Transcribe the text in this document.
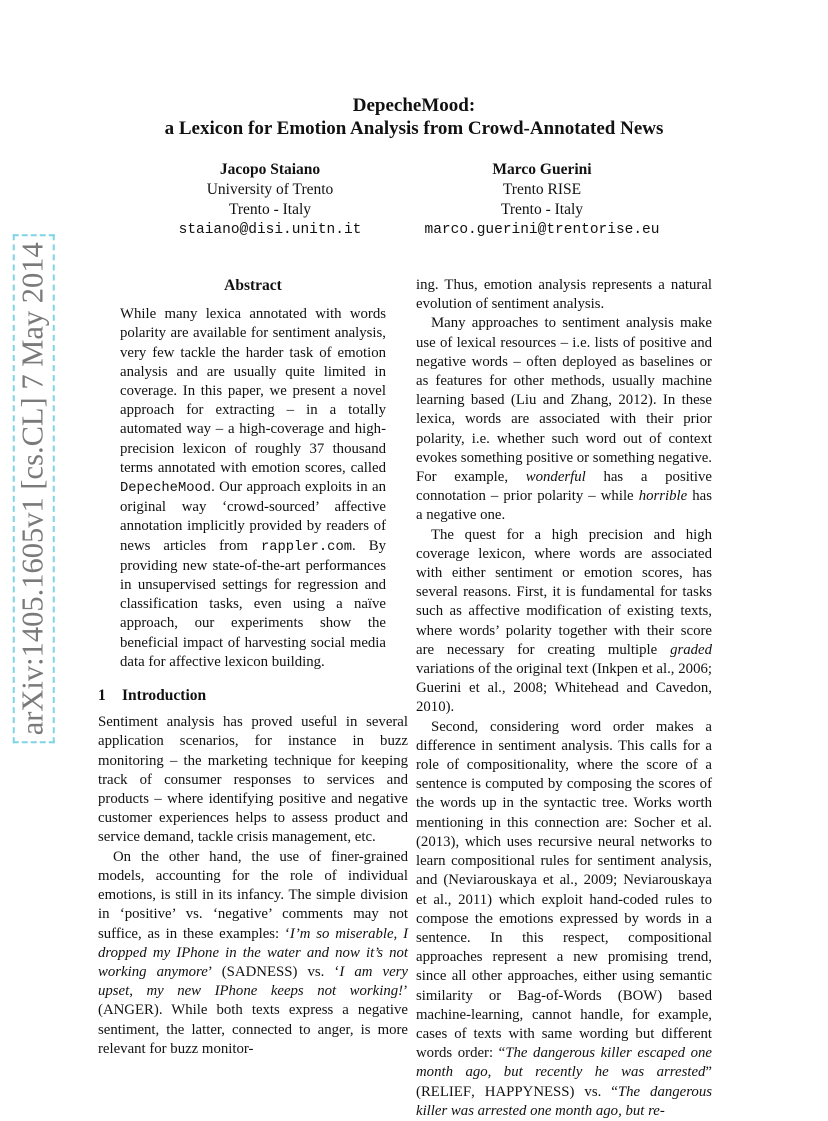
arXiv:1405.1605v1 [cs.CL] 7 May 2014
DepecheMood:
a Lexicon for Emotion Analysis from Crowd-Annotated News
Jacopo Staiano
University of Trento
Trento - Italy
staiano@disi.unitn.it
Marco Guerini
Trento RISE
Trento - Italy
marco.guerini@trentorise.eu
Abstract

While many lexica annotated with words polarity are available for sentiment analysis, very few tackle the harder task of emotion analysis and are usually quite limited in coverage. In this paper, we present a novel approach for extracting – in a totally automated way – a high-coverage and high-precision lexicon of roughly 37 thousand terms annotated with emotion scores, called DepecheMood. Our approach exploits in an original way ‘crowd-sourced’ affective annotation implicitly provided by readers of news articles from rappler.com. By providing new state-of-the-art performances in unsupervised settings for regression and classification tasks, even using a naïve approach, our experiments show the beneficial impact of harvesting social media data for affective lexicon building.

1 Introduction

Sentiment analysis has proved useful in several application scenarios, for instance in buzz monitoring – the marketing technique for keeping track of consumer responses to services and products – where identifying positive and negative customer experiences helps to assess product and service demand, tackle crisis management, etc.

On the other hand, the use of finer-grained models, accounting for the role of individual emotions, is still in its infancy. The simple division in ‘positive’ vs. ‘negative’ comments may not suffice, as in these examples: ‘I’m so miserable, I dropped my IPhone in the water and now it’s not working anymore’ (SADNESS) vs. ‘I am very upset, my new IPhone keeps not working!’ (ANGER). While both texts express a negative sentiment, the latter, connected to anger, is more relevant for buzz monitor-

ing. Thus, emotion analysis represents a natural evolution of sentiment analysis.

Many approaches to sentiment analysis make use of lexical resources – i.e. lists of positive and negative words – often deployed as baselines or as features for other methods, usually machine learning based (Liu and Zhang, 2012). In these lexica, words are associated with their prior polarity, i.e. whether such word out of context evokes something positive or something negative. For example, wonderful has a positive connotation – prior polarity – while horrible has a negative one.

The quest for a high precision and high coverage lexicon, where words are associated with either sentiment or emotion scores, has several reasons. First, it is fundamental for tasks such as affective modification of existing texts, where words’ polarity together with their score are necessary for creating multiple graded variations of the original text (Inkpen et al., 2006; Guerini et al., 2008; Whitehead and Cavedon, 2010).

Second, considering word order makes a difference in sentiment analysis. This calls for a role of compositionality, where the score of a sentence is computed by composing the scores of the words up in the syntactic tree. Works worth mentioning in this connection are: Socher et al. (2013), which uses recursive neural networks to learn compositional rules for sentiment analysis, and (Neviarouskaya et al., 2009; Neviarouskaya et al., 2011) which exploit hand-coded rules to compose the emotions expressed by words in a sentence. In this respect, compositional approaches represent a new promising trend, since all other approaches, either using semantic similarity or Bag-of-Words (BOW) based machine-learning, cannot handle, for example, cases of texts with same wording but different words order: “The dangerous killer escaped one month ago, but recently he was arrested” (RELIEF, HAPPYNESS) vs. “The dangerous killer was arrested one month ago, but re-
